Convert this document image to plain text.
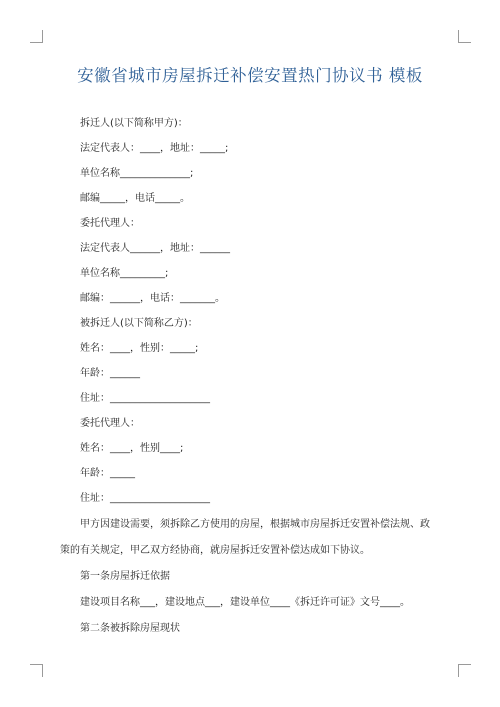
安徽省城市房屋拆迁补偿安置热门协议书 模板
拆迁人(以下简称甲方)：
法定代表人：____，地址：_____;
单位名称______________;
邮编_____，电话_____。
委托代理人：
法定代表人______，地址：______
单位名称_________;
邮编：______，电话：_______。
被拆迁人(以下简称乙方)：
姓名：____，性别：_____;
年龄：______
住址：____________________
委托代理人：
姓名：____，性别____;
年龄：_____
住址：____________________
甲方因建设需要，须拆除乙方使用的房屋，根据城市房屋拆迁安置补偿法规、政
策的有关规定，甲乙双方经协商，就房屋拆迁安置补偿达成如下协议。
第一条房屋拆迁依据
建设项目名称___，建设地点___，建设单位____《拆迁许可证》文号____。
第二条被拆除房屋现状
